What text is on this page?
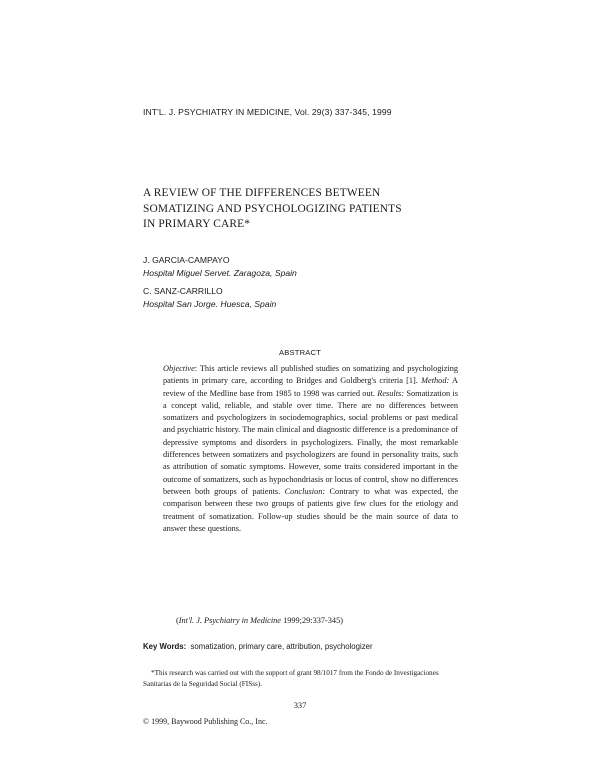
INT'L. J. PSYCHIATRY IN MEDICINE, Vol. 29(3) 337-345, 1999
A REVIEW OF THE DIFFERENCES BETWEEN
SOMATIZING AND PSYCHOLOGIZING PATIENTS
IN PRIMARY CARE*
J. GARCIA-CAMPAYO
Hospital Miguel Servet. Zaragoza, Spain
C. SANZ-CARRILLO
Hospital San Jorge. Huesca, Spain
ABSTRACT

Objective: This article reviews all published studies on somatizing and psychologizing patients in primary care, according to Bridges and Goldberg's criteria [1]. Method: A review of the Medline base from 1985 to 1998 was carried out. Results: Somatization is a concept valid, reliable, and stable over time. There are no differences between somatizers and psychologizers in sociodemographics, social problems or past medical and psychiatric history. The main clinical and diagnostic difference is a predominance of depressive symptoms and disorders in psychologizers. Finally, the most remarkable differences between somatizers and psychologizers are found in personality traits, such as attribution of somatic symptoms. However, some traits considered important in the outcome of somatizers, such as hypochondriasis or locus of control, show no differences between both groups of patients. Conclusion: Contrary to what was expected, the comparison between these two groups of patients give few clues for the etiology and treatment of somatization. Follow-up studies should be the main source of data to answer these questions.

(Int'l. J. Psychiatry in Medicine 1999;29:337-345)
Key Words: somatization, primary care, attribution, psychologizer
*This research was carried out with the support of grant 98/1017 from the Fondo de Investigaciones
Sanitarias de la Seguridad Social (FISss).
337
© 1999, Baywood Publishing Co., Inc.
